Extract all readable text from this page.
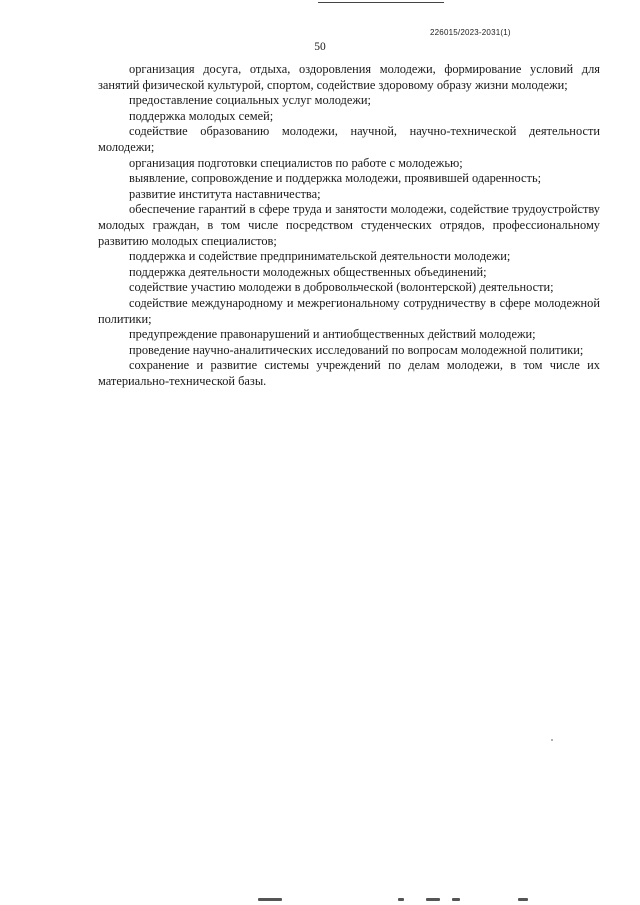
226015/2023-2031(1)
50

организация досуга, отдыха, оздоровления молодежи, формирование условий для занятий физической культурой, спортом, содействие здоровому образу жизни молодежи;

предоставление социальных услуг молодежи;

поддержка молодых семей;

содействие образованию молодежи, научной, научно-технической деятельности молодежи;

организация подготовки специалистов по работе с молодежью;

выявление, сопровождение и поддержка молодежи, проявившей одаренность;

развитие института наставничества;

обеспечение гарантий в сфере труда и занятости молодежи, содействие трудоустройству молодых граждан, в том числе посредством студенческих отрядов, профессиональному развитию молодых специалистов;

поддержка и содействие предпринимательской деятельности молодежи;

поддержка деятельности молодежных общественных объединений;

содействие участию молодежи в добровольческой (волонтерской) деятельности;

содействие международному и межрегиональному сотрудничеству в сфере молодежной политики;

предупреждение правонарушений и антиобщественных действий молодежи;

проведение научно-аналитических исследований по вопросам молодежной политики;

сохранение и развитие системы учреждений по делам молодежи, в том числе их материально-технической базы.
